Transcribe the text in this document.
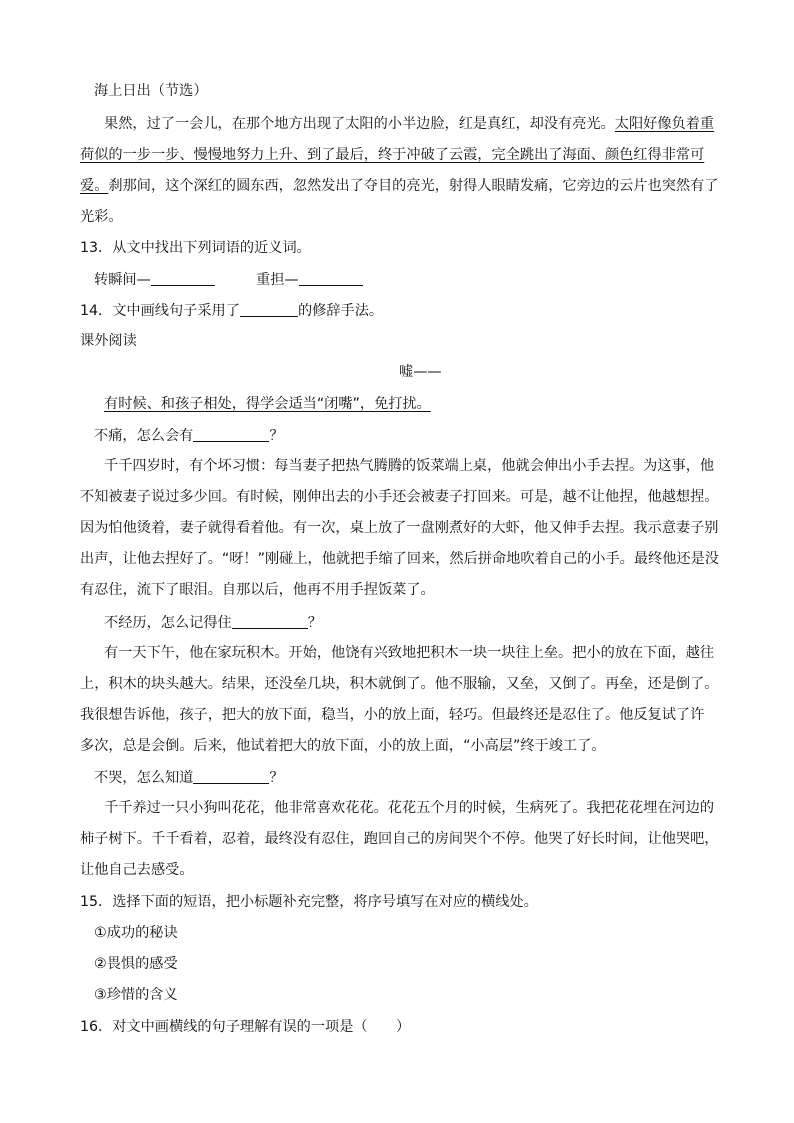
海上日出（节选）
果然，过了一会儿，在那个地方出现了太阳的小半边脸，红是真红，却没有亮光。太阳好像负着重
荷似的一步一步、慢慢地努力上升、到了最后，终于冲破了云霞，完全跳出了海面、颜色红得非常可
爱。刹那间，这个深红的圆东西，忽然发出了夺目的亮光，射得人眼睛发痛，它旁边的云片也突然有了
光彩。
13．从文中找出下列词语的近义词。
转瞬间—	重担—
14．文中画线句子采用了	的修辞手法。
课外阅读
嘘——
有时候、和孩子相处，得学会适当“闭嘴”，免打扰。
不痛，怎么会有	？
千千四岁时，有个坏习惯：每当妻子把热气腾腾的饭菜端上桌，他就会伸出小手去捏。为这事，他
不知被妻子说过多少回。有时候，刚伸出去的小手还会被妻子打回来。可是，越不让他捏，他越想捏。
因为怕他烫着，妻子就得看着他。有一次，桌上放了一盘刚煮好的大虾，他又伸手去捏。我示意妻子别
出声，让他去捏好了。“呀！”刚碰上，他就把手缩了回来，然后拼命地吹着自己的小手。最终他还是没
有忍住，流下了眼泪。自那以后，他再不用手捏饭菜了。
不经历，怎么记得住	？
有一天下午，他在家玩积木。开始，他饶有兴致地把积木一块一块往上垒。把小的放在下面，越往
上，积木的块头越大。结果，还没垒几块，积木就倒了。他不服输，又垒，又倒了。再垒，还是倒了。
我很想告诉他，孩子，把大的放下面，稳当，小的放上面，轻巧。但最终还是忍住了。他反复试了许
多次，总是会倒。后来，他试着把大的放下面，小的放上面，“小高层”终于竣工了。
不哭，怎么知道	？
千千养过一只小狗叫花花，他非常喜欢花花。花花五个月的时候，生病死了。我把花花埋在河边的
柿子树下。千千看着，忍着，最终没有忍住，跑回自己的房间哭个不停。他哭了好长时间，让他哭吧，
让他自己去感受。
15．选择下面的短语，把小标题补充完整，将序号填写在对应的横线处。
①成功的秘诀
②畏惧的感受
③珍惜的含义
16．对文中画横线的句子理解有误的一项是（　　）
